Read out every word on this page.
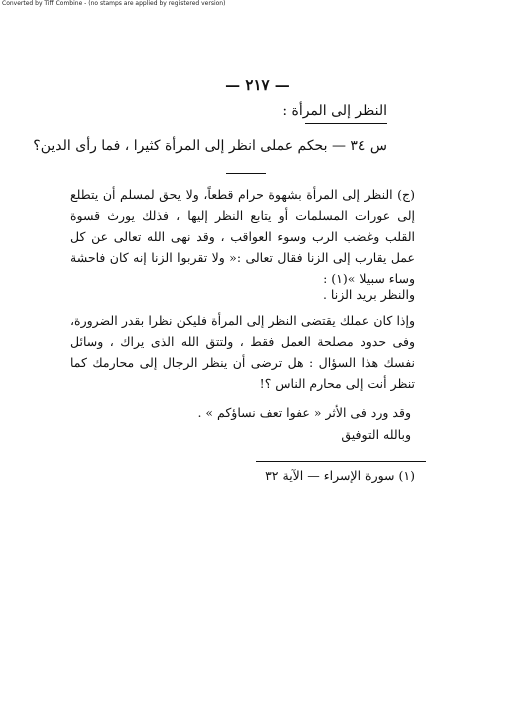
Converted by Tiff Combine - (no stamps are applied by registered version)
— ٢١٧ —
النظر إلى المرأة :
س ٣٤ — بحكم عملى انظر إلى المرأة كثيرا ، فما رأى الدين؟
(ج) النظر إلى المرأة بشهوة حرام قطعاً، ولا يحق لمسلم أن يتطلع إلى عورات المسلمات أو يتابع النظر إليها ، فذلك يورث قسوة القلب وغضب الرب وسوء العواقب ، وقد نهى الله تعالى عن كل عمل يقارب إلى الزنا فقال تعالى :« ولا تقربوا الزنا إنه كان فاحشة وساء سبيلا »(١) :
والنظر بريد الزنا .
وإذا كان عملك يقتضى النظر إلى المرأة فليكن نظرا بقدر الضرورة، وفى حدود مصلحة العمل فقط ، ولتتق الله الذى يراك ، وسائل نفسك هذا السؤال : هل ترضى أن ينظر الرجال إلى محارمك كما تنظر أنت إلى محارم الناس ؟!
وقد ورد فى الأثر « عفوا تعف نساؤكم » .
وبالله التوفيق
(١) سورة الإسراء — الآية ٣٢
